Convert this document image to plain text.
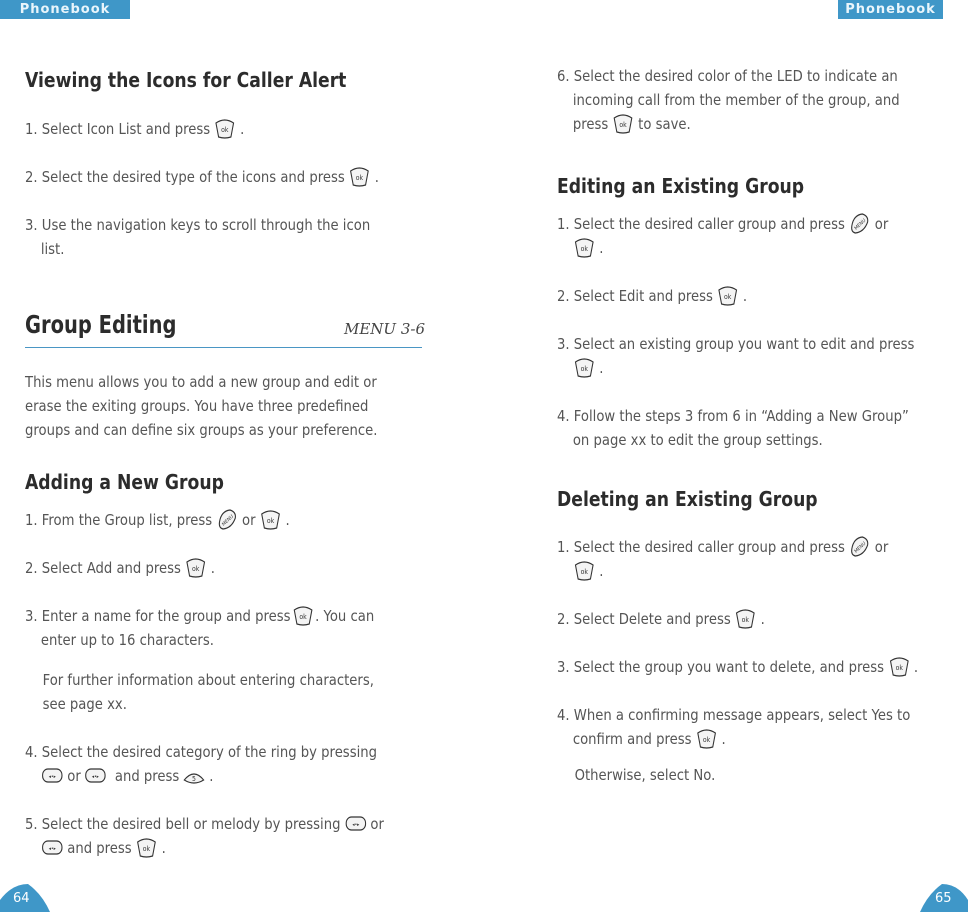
Phonebook	Phonebook
64	65
Viewing the Icons for Caller Alert
1. Select Icon List and press .
2. Select the desired type of the icons and press .
3. Use the navigation keys to scroll through the icon
list.
Group Editing	MENU 3-6
This menu allows you to add a new group and edit or
erase the exiting groups. You have three predefined
groups and can define six groups as your preference.
Adding a New Group
1. From the Group list, press or .
2. Select Add and press .
3. Enter a name for the group and press . You can
enter up to 16 characters.
For further information about entering characters,
see page xx.
4. Select the desired category of the ring by pressing
or and press .
5. Select the desired bell or melody by pressing or
and press .
6. Select the desired color of the LED to indicate an
incoming call from the member of the group, and
press to save.
Editing an Existing Group
1. Select the desired caller group and press or
.
2. Select Edit and press .
3. Select an existing group you want to edit and press
.
4. Follow the steps 3 from 6 in “Adding a New Group”
on page xx to edit the group settings.
Deleting an Existing Group
1. Select the desired caller group and press or
.
2. Select Delete and press .
3. Select the group you want to delete, and press .
4. When a confirming message appears, select Yes to
confirm and press .
Otherwise, select No.
